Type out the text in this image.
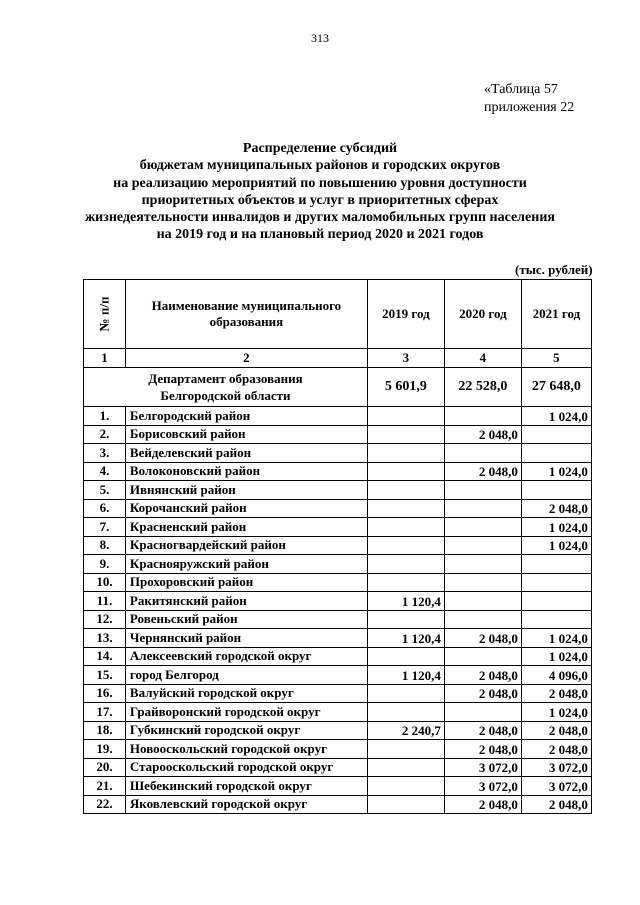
313
«Таблица 57
приложения 22
Распределение субсидий
бюджетам муниципальных районов и городских округов
на реализацию мероприятий по повышению уровня доступности
приоритетных объектов и услуг в приоритетных сферах
жизнедеятельности инвалидов и других маломобильных групп населения
на 2019 год и на плановый период 2020 и 2021 годов
(тыс. рублей)
№ п/п	Наименование муниципального образования	2019 год	2020 год	2021 год
1	2	3	4	5

Департамент образования
Белгородской области		5 601,9	22 528,0	27 648,0
1.	Белгородский район			1 024,0
2.	Борисовский район		2 048,0	
3.	Вейделевский район			
4.	Волоконовский район		2 048,0	1 024,0
5.	Ивнянский район			
6.	Корочанский район			2 048,0
7.	Красненский район			1 024,0
8.	Красногвардейский район			1 024,0
9.	Краснояружский район			
10.	Прохоровский район			
11.	Ракитянский район	1 120,4		
12.	Ровеньский район			
13.	Чернянский район	1 120,4	2 048,0	1 024,0
14.	Алексеевский городской округ			1 024,0
15.	город Белгород	1 120,4	2 048,0	4 096,0
16.	Валуйский городской округ		2 048,0	2 048,0
17.	Грайворонский городской округ			1 024,0
18.	Губкинский городской округ	2 240,7	2 048,0	2 048,0
19.	Новооскольский городской округ		2 048,0	2 048,0
20.	Старооскольский городской округ		3 072,0	3 072,0
21.	Шебекинский городской округ		3 072,0	3 072,0
22.	Яковлевский городской округ		2 048,0	2 048,0
